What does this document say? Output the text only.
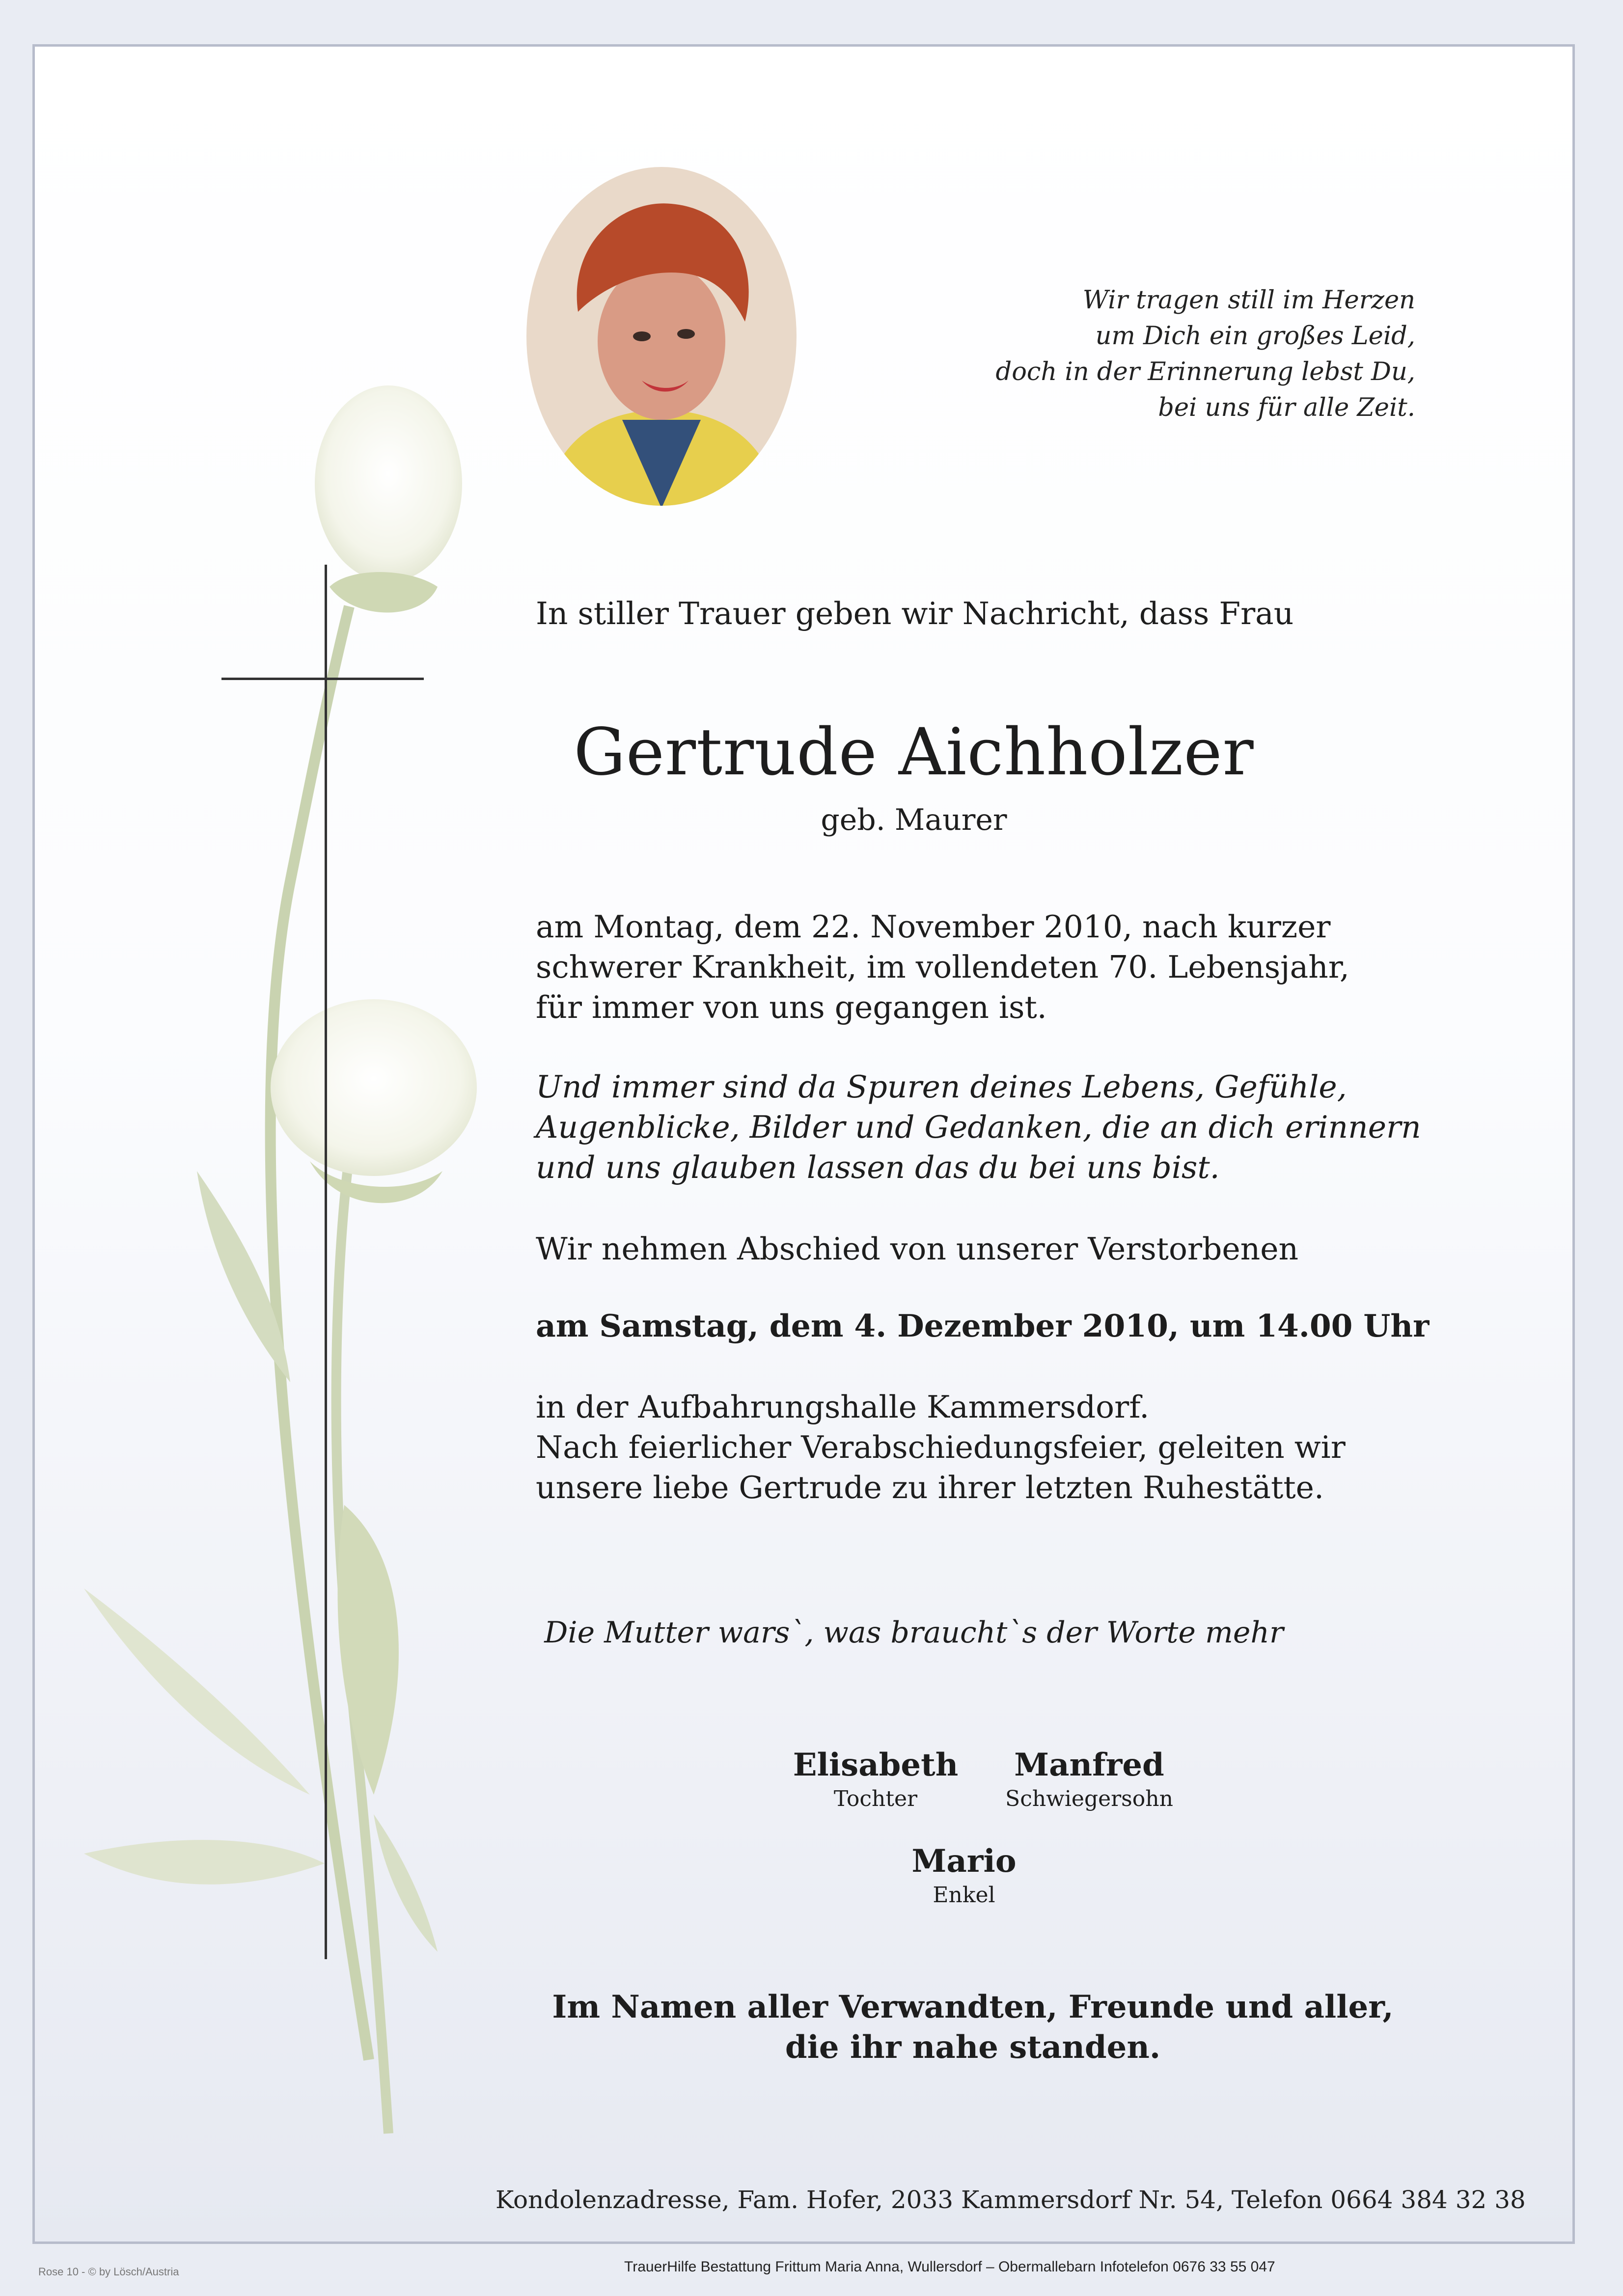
Wir tragen still im Herzen
um Dich ein großes Leid,
doch in der Erinnerung lebst Du,
bei uns für alle Zeit.
In stiller Trauer geben wir Nachricht, dass Frau
Gertrude Aichholzer
geb. Maurer
am Montag, dem 22. November 2010, nach kurzer
schwerer Krankheit, im vollendeten 70. Lebensjahr,
für immer von uns gegangen ist.
Und immer sind da Spuren deines Lebens, Gefühle,
Augenblicke, Bilder und Gedanken, die an dich erinnern
und uns glauben lassen das du bei uns bist.
Wir nehmen Abschied von unserer Verstorbenen
am Samstag, dem 4. Dezember 2010, um 14.00 Uhr
in der Aufbahrungshalle Kammersdorf.
Nach feierlicher Verabschiedungsfeier, geleiten wir
unsere liebe Gertrude zu ihrer letzten Ruhestätte.
Die Mutter wars`, was braucht`s der Worte mehr
Elisabeth
Tochter
Manfred
Schwiegersohn
Mario
Enkel
Im Namen aller Verwandten, Freunde und aller,
die ihr nahe standen.
Kondolenzadresse, Fam. Hofer, 2033 Kammersdorf Nr. 54, Telefon 0664 384 32 38
TrauerHilfe Bestattung Frittum Maria Anna, Wullersdorf – Obermallebarn Infotelefon 0676 33 55 047
Rose 10 - © by Lösch/Austria
